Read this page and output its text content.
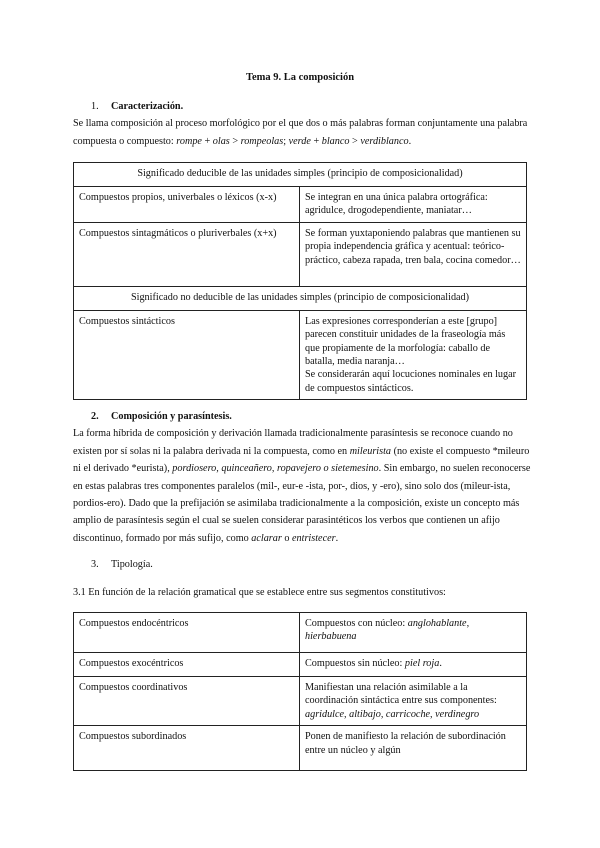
Tema 9. La composición
1. Caracterización.
Se llama composición al proceso morfológico por el que dos o más palabras forman conjuntamente una palabra compuesta o compuesto: rompe + olas > rompeolas; verde + blanco > verdiblanco.
Significado deducible de las unidades simples (principio de composicionalidad)	
Compuestos propios, univerbales o léxicos (x-x)	Se integran en una única palabra ortográfica: agridulce, drogodependiente, maniatar…
Compuestos sintagmáticos o pluriverbales (x+x)	Se forman yuxtaponiendo palabras que mantienen su propia independencia gráfica y acentual: teórico-práctico, cabeza rapada, tren bala, cocina comedor…
Significado no deducible de las unidades simples (principio de composicionalidad)	
Compuestos sintácticos	Las expresiones corresponderían a este [grupo] parecen constituir unidades de la fraseología más que propiamente de la morfología: caballo de batalla, media naranja…
Se considerarán aquí locuciones nominales en lugar de compuestos sintácticos.
2. Composición y parasíntesis.
La forma híbrida de composición y derivación llamada tradicionalmente parasíntesis se reconoce cuando no existen por sí solas ni la palabra derivada ni la compuesta, como en mileurista (no existe el compuesto *mileuro ni el derivado *eurista), pordiosero, quinceañero, ropavejero o sietemesino. Sin embargo, no suelen reconocerse en estas palabras tres componentes paralelos (mil-, eur-e -ista, por-, dios, y -ero), sino solo dos (mileur-ista, pordios-ero). Dado que la prefijación se asimilaba tradicionalmente a la composición, existe un concepto más amplio de parasíntesis según el cual se suelen considerar parasintéticos los verbos que contienen un afijo discontinuo, formado por más sufijo, como aclarar o entristecer.
3. Tipología.
3.1 En función de la relación gramatical que se establece entre sus segmentos constitutivos:
Compuestos endocéntricos	Compuestos con núcleo: anglohablante, hierbabuena
Compuestos exocéntricos	Compuestos sin núcleo: piel roja.
Compuestos coordinativos	Manifiestan una relación asimilable a la coordinación sintáctica entre sus componentes: agridulce, altibajo, carricoche, verdinegro
Compuestos subordinados	Ponen de manifiesto la relación de subordinación entre un núcleo y algún
